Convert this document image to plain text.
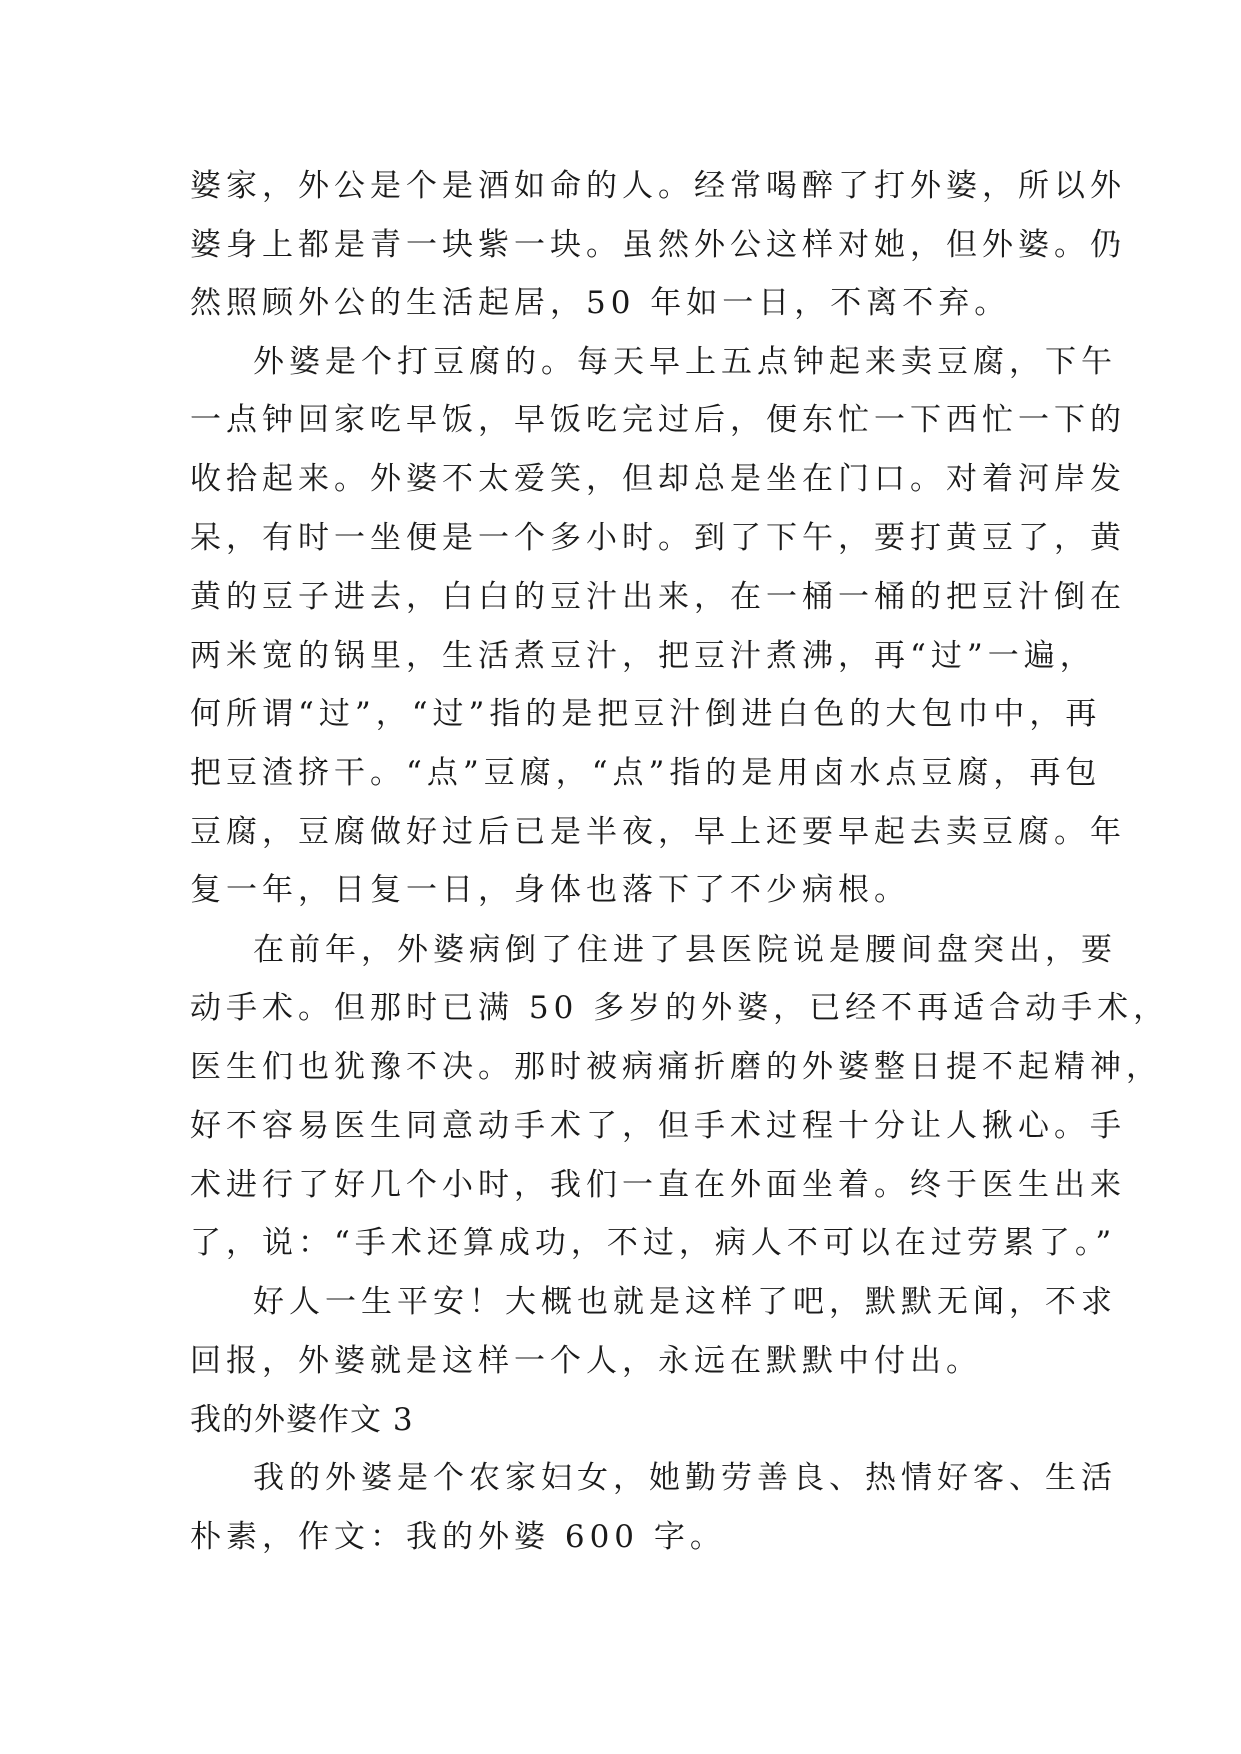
婆家，外公是个是酒如命的人。经常喝醉了打外婆，所以外
婆身上都是青一块紫一块。虽然外公这样对她，但外婆。仍
然照顾外公的生活起居，50 年如一日，不离不弃。
外婆是个打豆腐的。每天早上五点钟起来卖豆腐，下午
一点钟回家吃早饭，早饭吃完过后，便东忙一下西忙一下的
收拾起来。外婆不太爱笑，但却总是坐在门口。对着河岸发
呆，有时一坐便是一个多小时。到了下午，要打黄豆了，黄
黄的豆子进去，白白的豆汁出来，在一桶一桶的把豆汁倒在
两米宽的锅里，生活煮豆汁，把豆汁煮沸，再“过”一遍，
何所谓“过”，“过”指的是把豆汁倒进白色的大包巾中，再
把豆渣挤干。“点”豆腐，“点”指的是用卤水点豆腐，再包
豆腐，豆腐做好过后已是半夜，早上还要早起去卖豆腐。年
复一年，日复一日，身体也落下了不少病根。
在前年，外婆病倒了住进了县医院说是腰间盘突出，要
动手术。但那时已满 50 多岁的外婆，已经不再适合动手术，
医生们也犹豫不决。那时被病痛折磨的外婆整日提不起精神，
好不容易医生同意动手术了，但手术过程十分让人揪心。手
术进行了好几个小时，我们一直在外面坐着。终于医生出来
了，说：“手术还算成功，不过，病人不可以在过劳累了。”
好人一生平安！大概也就是这样了吧，默默无闻，不求
回报，外婆就是这样一个人，永远在默默中付出。
我的外婆作文 3
我的外婆是个农家妇女，她勤劳善良、热情好客、生活
朴素，作文：我的外婆 600 字。
